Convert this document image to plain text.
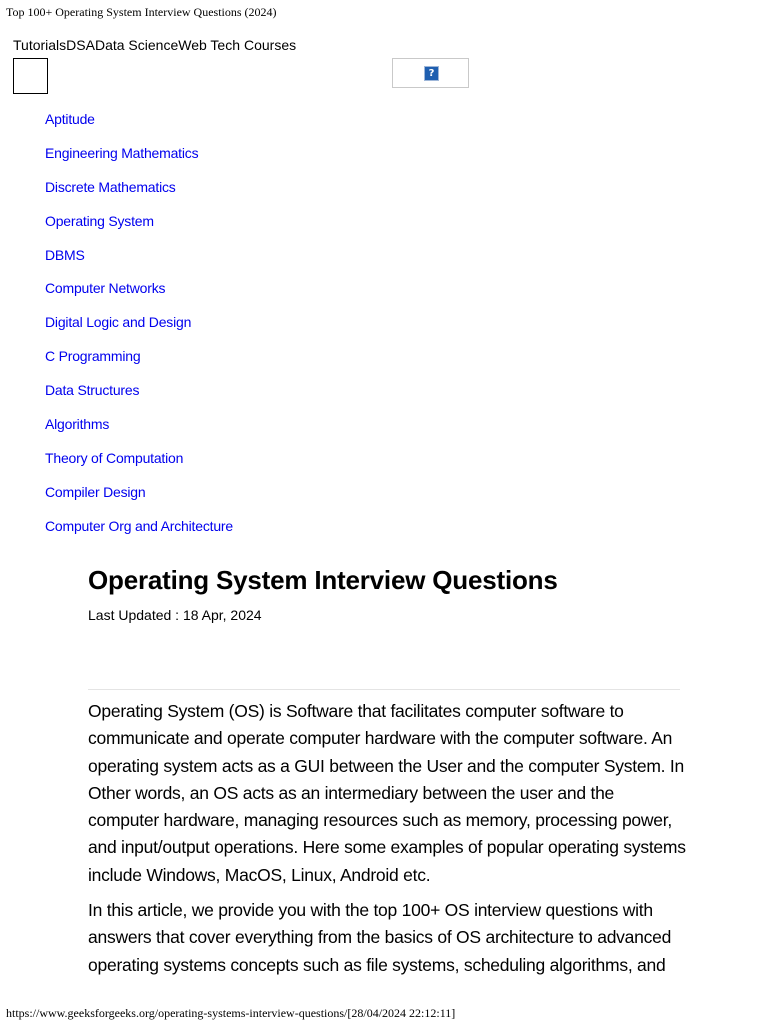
Top 100+ Operating System Interview Questions (2024)
TutorialsDSAData ScienceWeb Tech Courses
?
Aptitude
Engineering Mathematics
Discrete Mathematics
Operating System
DBMS
Computer Networks
Digital Logic and Design
C Programming
Data Structures
Algorithms
Theory of Computation
Compiler Design
Computer Org and Architecture
Operating System Interview Questions
Last Updated : 18 Apr, 2024

Operating System (OS) is Software that facilitates computer software to communicate and operate computer hardware with the computer software. An operating system acts as a GUI between the User and the computer System. In Other words, an OS acts as an intermediary between the user and the computer hardware, managing resources such as memory, processing power, and input/output operations. Here some examples of popular operating systems include Windows, MacOS, Linux, Android etc.

In this article, we provide you with the top 100+ OS interview questions with answers that cover everything from the basics of OS architecture to advanced operating systems concepts such as file systems, scheduling algorithms, and

https://www.geeksforgeeks.org/operating-systems-interview-questions/[28/04/2024 22:12:11]
